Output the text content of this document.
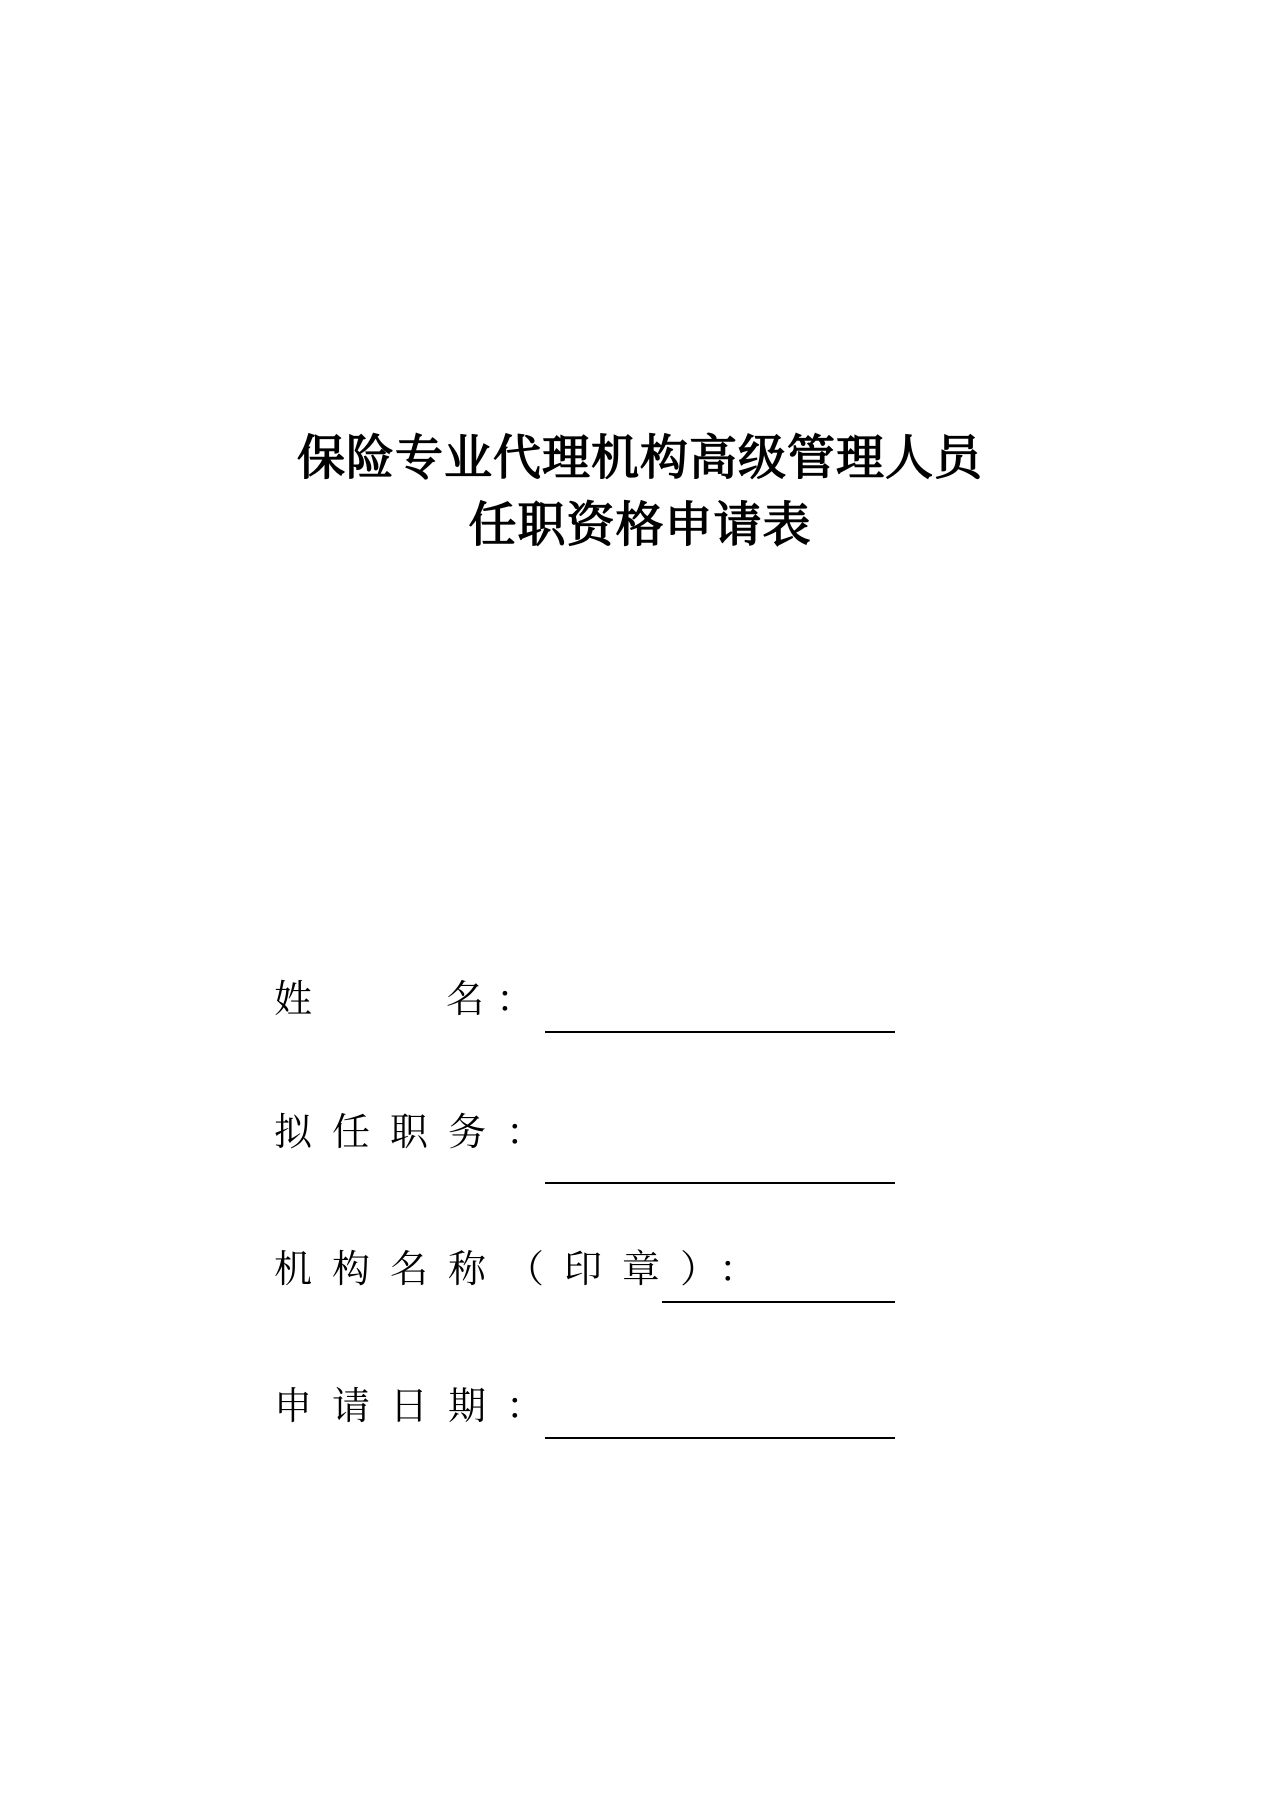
保险专业代理机构高级管理人员
任职资格申请表
姓	名 ：
拟任职务：
机构名称（印章）：
申请日期：
